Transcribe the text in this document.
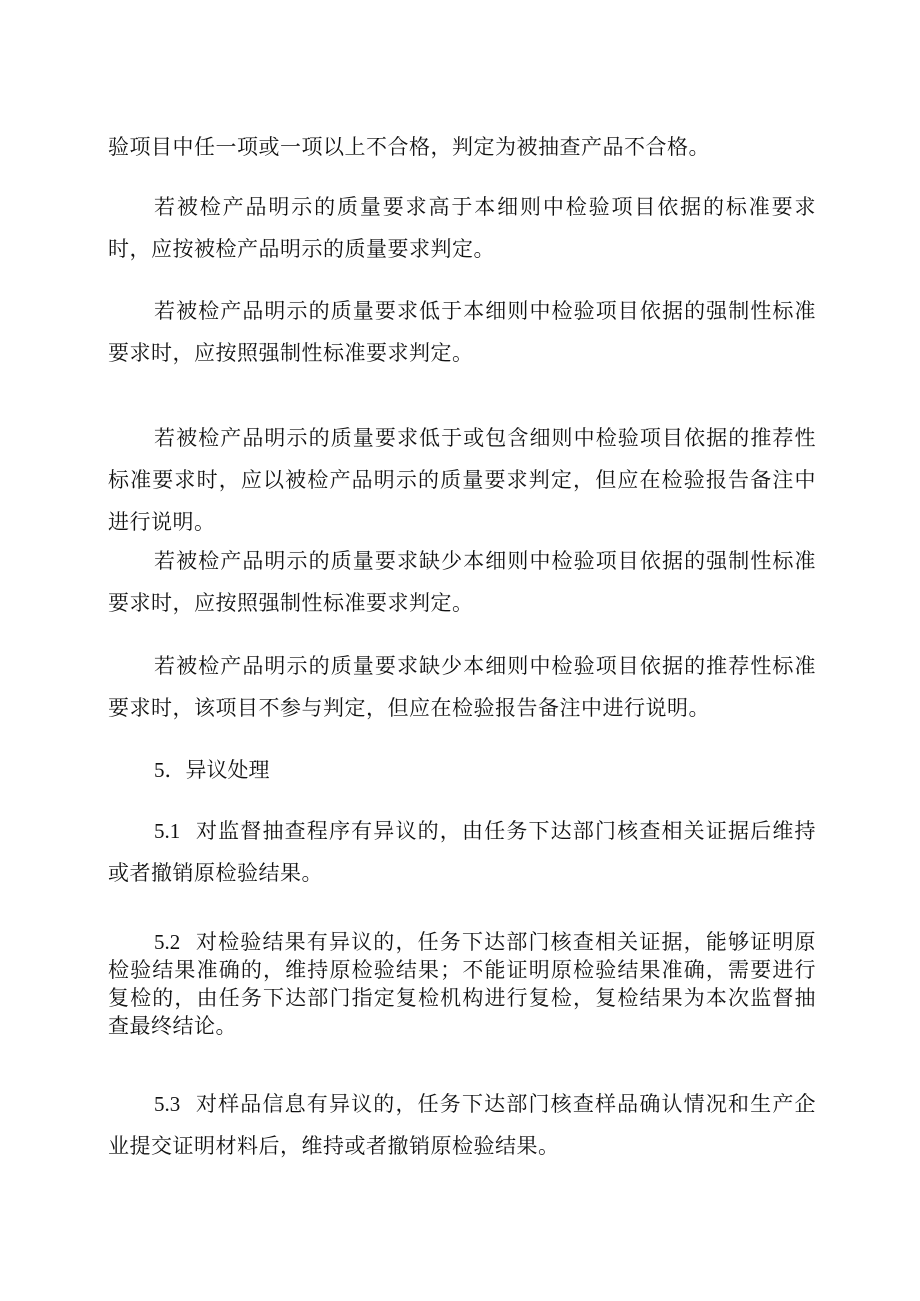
验项目中任一项或一项以上不合格，判定为被抽查产品不合格。

若被检产品明示的质量要求高于本细则中检验项目依据的标准要求时，应按被检产品明示的质量要求判定。

若被检产品明示的质量要求低于本细则中检验项目依据的强制性标准要求时，应按照强制性标准要求判定。

若被检产品明示的质量要求低于或包含细则中检验项目依据的推荐性标准要求时，应以被检产品明示的质量要求判定，但应在检验报告备注中进行说明。

若被检产品明示的质量要求缺少本细则中检验项目依据的强制性标准要求时，应按照强制性标准要求判定。

若被检产品明示的质量要求缺少本细则中检验项目依据的推荐性标准要求时，该项目不参与判定，但应在检验报告备注中进行说明。

5．异议处理

5.1 对监督抽查程序有异议的，由任务下达部门核查相关证据后维持或者撤销原检验结果。

5.2 对检验结果有异议的，任务下达部门核查相关证据，能够证明原检验结果准确的，维持原检验结果；不能证明原检验结果准确，需要进行复检的，由任务下达部门指定复检机构进行复检，复检结果为本次监督抽查最终结论。

5.3 对样品信息有异议的，任务下达部门核查样品确认情况和生产企业提交证明材料后，维持或者撤销原检验结果。
